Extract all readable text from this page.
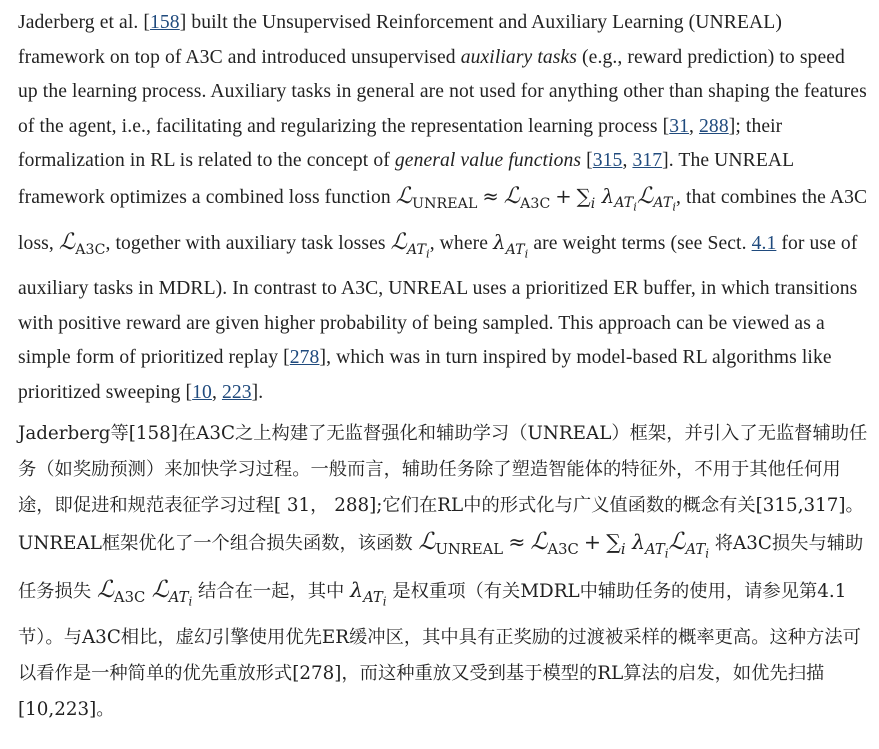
Jaderberg et al. [158] built the Unsupervised Reinforcement and Auxiliary Learning (UNREAL) framework on top of A3C and introduced unsupervised auxiliary tasks (e.g., reward prediction) to speed up the learning process. Auxiliary tasks in general are not used for anything other than shaping the features of the agent, i.e., facilitating and regularizing the representation learning process [31, 288]; their formalization in RL is related to the concept of general value functions [315, 317]. The UNREAL framework optimizes a combined loss function ℒ$_{UNREAL}$ ≈ ℒ$_{A3C}$ + $\sum_i$ $\lambda_{AT_i}ℒ_{AT_i}$, that combines the A3C loss, ℒ$_{A3C}$, together with auxiliary task losses ℒ$_{AT_i}$, where $\lambda_{AT_i}$ are weight terms (see Sect. 4.1 for use of auxiliary tasks in MDRL). In contrast to A3C, UNREAL uses a prioritized ER buffer, in which transitions with positive reward are given higher probability of being sampled. This approach can be viewed as a simple form of prioritized replay [278], which was in turn inspired by model-based RL algorithms like prioritized sweeping [10, 223].

Jaderberg等[158]在A3C之上构建了无监督强化和辅助学习（UNREAL）框架，并引入了无监督辅助任务（如奖励预测）来加快学习过程。一般而言，辅助任务除了塑造智能体的特征外，不用于其他任何用途，即促进和规范表征学习过程[ 31， 288];它们在RL中的形式化与广义值函数的概念有关[315,317]。UNREAL框架优化了一个组合损失函数，该函数 ℒ$_{UNREAL}$ ≈ ℒ$_{A3C}$ + $\sum_i$ $\lambda_{AT_i}ℒ_{AT_i}$ 将A3C损失与辅助任务损失 ℒ$_{A3C}$ ℒ$_{AT_i}$ 结合在一起，其中 $\lambda_{AT_i}$ 是权重项（有关MDRL中辅助任务的使用，请参见第4.1节）。与A3C相比，虚幻引擎使用优先ER缓冲区，其中具有正奖励的过渡被采样的概率更高。这种方法可以看作是一种简单的优先重放形式[278]，而这种重放又受到基于模型的RL算法的启发，如优先扫描[10,223]。
